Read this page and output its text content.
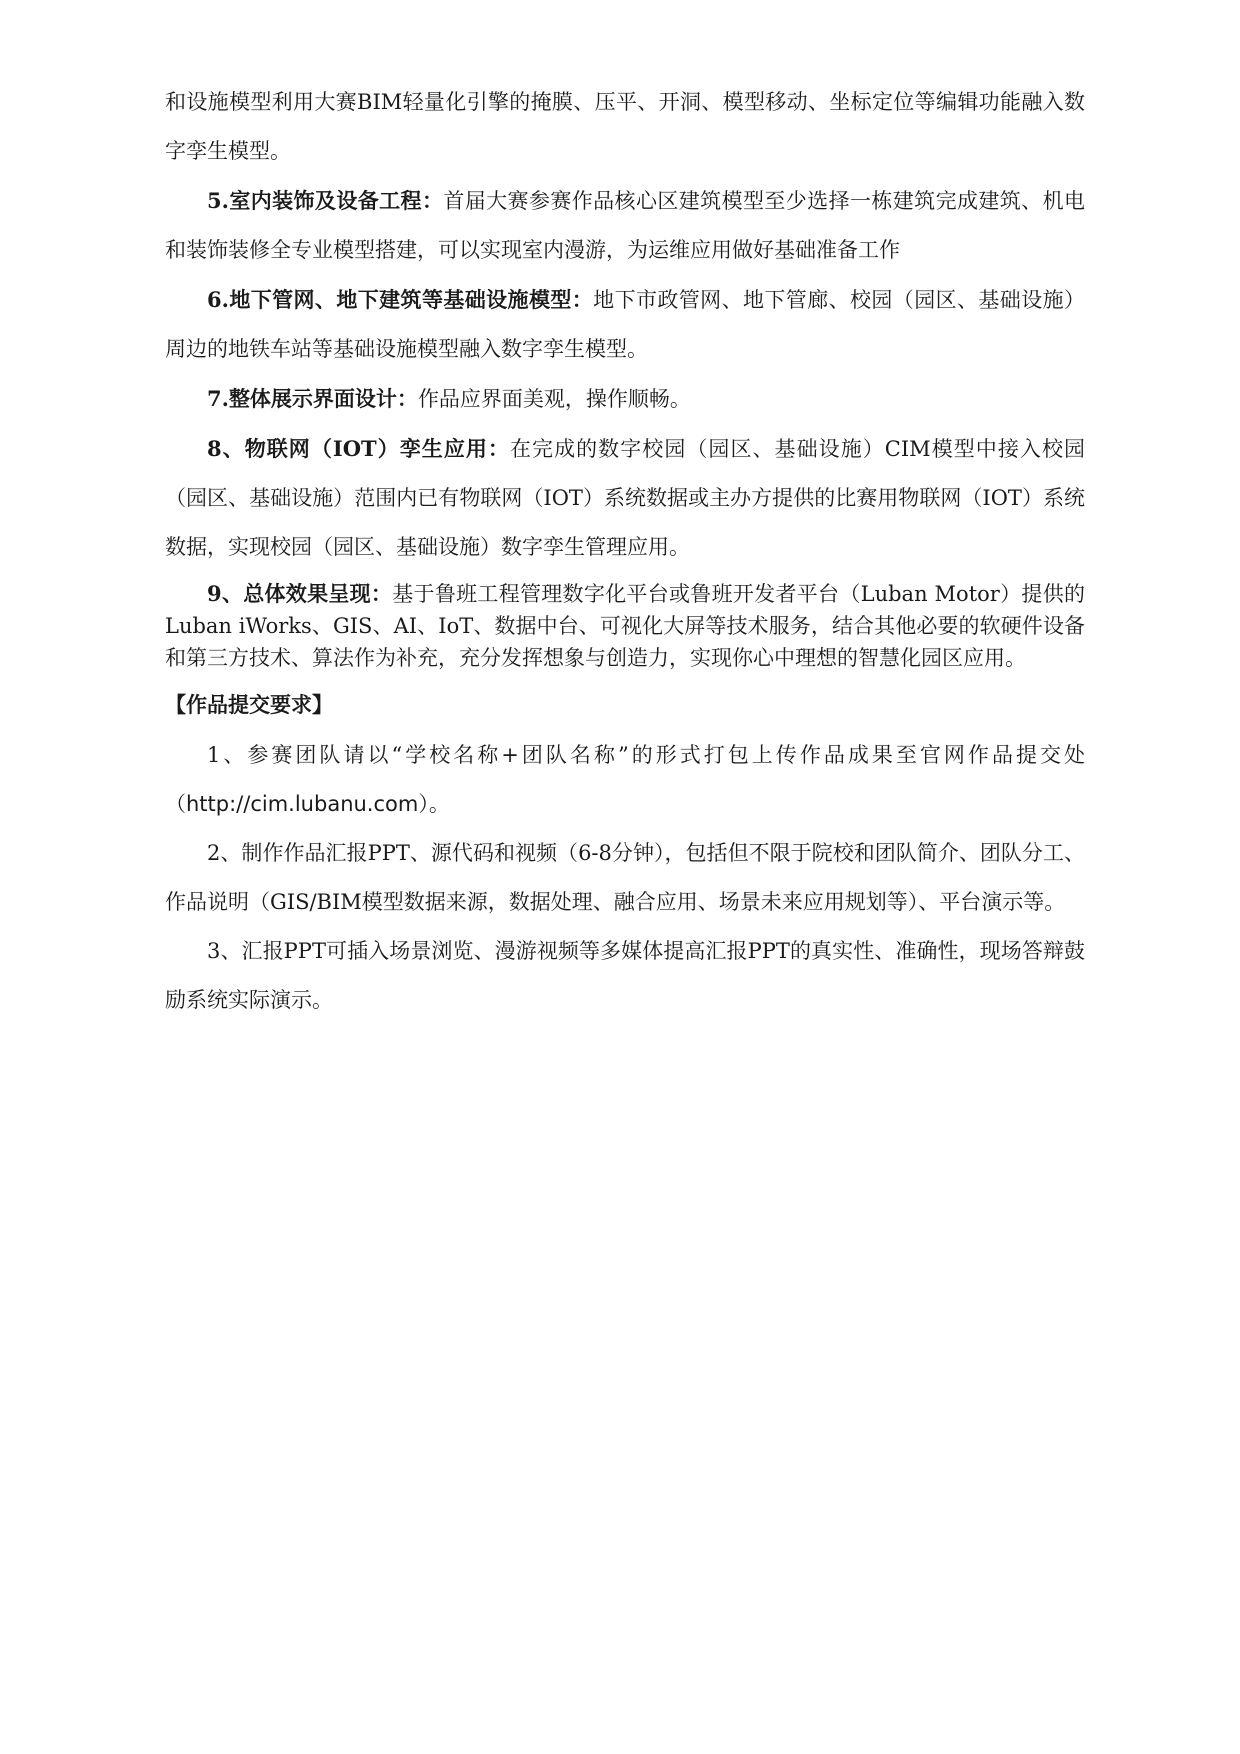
和设施模型利用大赛BIM轻量化引擎的掩膜、压平、开洞、模型移动、坐标定位等编辑功能融入数字孪生模型。

5.室内装饰及设备工程：首届大赛参赛作品核心区建筑模型至少选择一栋建筑完成建筑、机电和装饰装修全专业模型搭建，可以实现室内漫游，为运维应用做好基础准备工作

6.地下管网、地下建筑等基础设施模型：地下市政管网、地下管廊、校园（园区、基础设施）周边的地铁车站等基础设施模型融入数字孪生模型。

7.整体展示界面设计：作品应界面美观，操作顺畅。

8、物联网（IOT）孪生应用：在完成的数字校园（园区、基础设施）CIM模型中接入校园（园区、基础设施）范围内已有物联网（IOT）系统数据或主办方提供的比赛用物联网（IOT）系统数据，实现校园（园区、基础设施）数字孪生管理应用。

9、总体效果呈现：基于鲁班工程管理数字化平台或鲁班开发者平台（Luban Motor）提供的 Luban iWorks、GIS、AI、IoT、数据中台、可视化大屏等技术服务，结合其他必要的软硬件设备和第三方技术、算法作为补充，充分发挥想象与创造力，实现你心中理想的智慧化园区应用。

【作品提交要求】

1、参赛团队请以“学校名称+团队名称”的形式打包上传作品成果至官网作品提交处（http://cim.lubanu.com）。

2、制作作品汇报PPT、源代码和视频（6-8分钟），包括但不限于院校和团队简介、团队分工、作品说明（GIS/BIM模型数据来源，数据处理、融合应用、场景未来应用规划等）、平台演示等。

3、汇报PPT可插入场景浏览、漫游视频等多媒体提高汇报PPT的真实性、准确性，现场答辩鼓励系统实际演示。
